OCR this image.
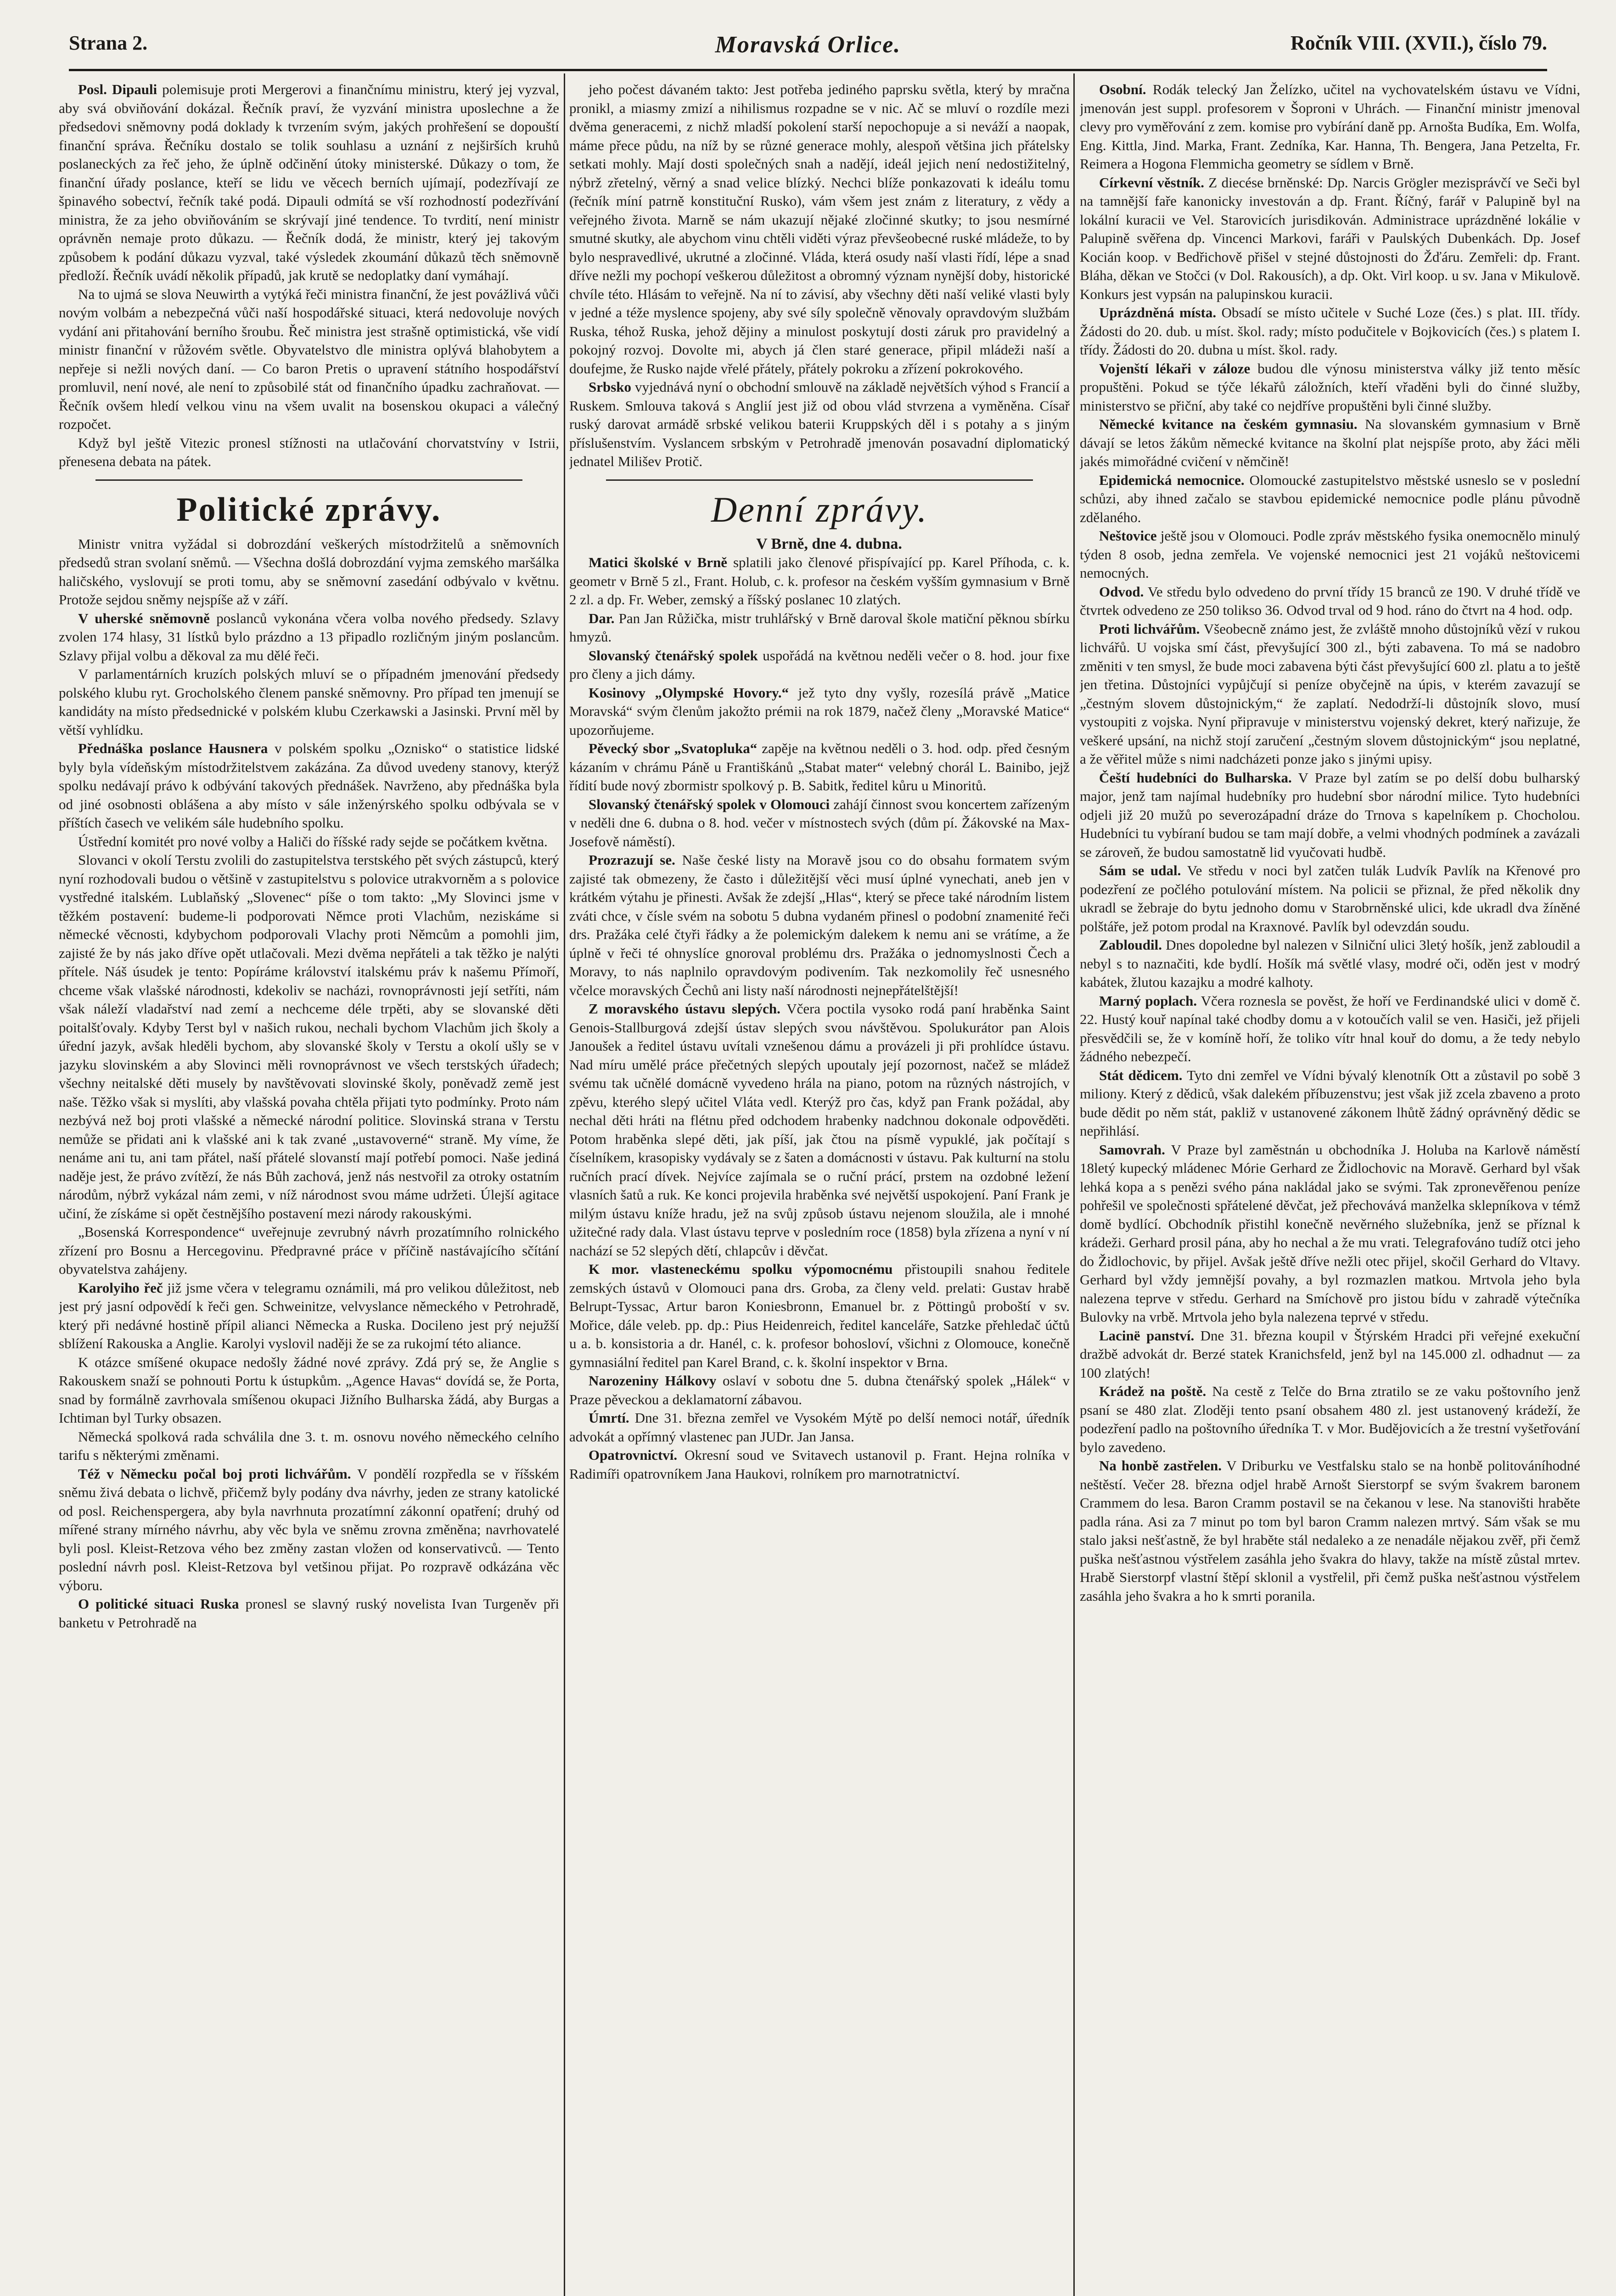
Strana 2.	Moravská Orlice.	Ročník VIII. (XVII.), číslo 79.

Posl. Dipauli polemisuje proti Mergerovi a finančnímu ministru, který jej vyzval, aby svá obviňování dokázal. Řečník praví, že vyzvání ministra uposlechne a že předsedovi sněmovny podá doklady k tvrzením svým, jakých prohřešení se dopouští finanční správa. Řečníku dostalo se tolik souhlasu a uznání z nejširších kruhů poslaneckých za řeč jeho, že úplně odčinění útoky ministerské. Důkazy o tom, že finanční úřady poslance, kteří se lidu ve věcech berních ujímají, podezřívají ze špinavého sobectví, řečník také podá. Dipauli odmítá se vší rozhodností podezřívání ministra, že za jeho obviňováním se skrývají jiné tendence. To tvrdití, není ministr oprávněn nemaje proto důkazu. — Řečník dodá, že ministr, který jej takovým způsobem k podání důkazu vyzval, také výsledek zkoumání důkazů těch sněmovně předloží. Řečník uvádí několik případů, jak krutě se nedoplatky daní vymáhají.

Na to ujmá se slova Neuwirth a vytýká řeči ministra finanční, že jest povážlivá vůči novým volbám a nebezpečná vůči naší hospodářské situaci, která nedovoluje nových vydání ani přitahování berního šroubu. Řeč ministra jest strašně optimistická, vše vidí ministr finanční v růžovém světle. Obyvatelstvo dle ministra oplývá blahobytem a nepřeje si nežli nových daní. — Co baron Pretis o upravení státního hospodářství promluvil, není nové, ale není to způsobilé stát od finančního úpadku zachraňovat. — Řečník ovšem hledí velkou vinu na všem uvalit na bosenskou okupaci a válečný rozpočet.

Když byl ještě Vitezic pronesl stížnosti na utlačování chorvatstvíny v Istrii, přenesena debata na pátek.

Politické zprávy.

Ministr vnitra vyžádal si dobrozdání veškerých místodržitelů a sněmovních předsedů stran svolaní sněmů. — Všechna došlá dobrozdání vyjma zemského maršálka haličského, vyslovují se proti tomu, aby se sněmovní zasedání odbývalo v květnu. Protože sejdou sněmy nejspíše až v září.

V uherské sněmovně poslanců vykonána včera volba nového předsedy. Szlavy zvolen 174 hlasy, 31 lístků bylo prázdno a 13 připadlo rozličným jiným poslancům. Szlavy přijal volbu a děkoval za mu dělé řeči.

V parlamentárních kruzích polských mluví se o případném jmenování předsedy polského klubu ryt. Grocholského členem panské sněmovny. Pro případ ten jmenují se kandidáty na místo předsednické v polském klubu Czerkawski a Jasinski. První měl by větší vyhlídku.

Přednáška poslance Hausnera v polském spolku „Oznisko“ o statistice lidské byly byla vídeňským místodržitelstvem zakázána. Za důvod uvedeny stanovy, kterýž spolku nedávají právo k odbývání takových přednášek. Navrženo, aby přednáška byla od jiné osobnosti oblášena a aby místo v sále inženýrského spolku odbývala se v příštích časech ve velikém sále hudebního spolku.

Ústřední komitét pro nové volby a Haliči do říšské rady sejde se počátkem května.

Slovanci v okolí Terstu zvolili do zastupitelstva terstského pět svých zástupců, který nyní rozhodovali budou o většině v zastupitelstvu s polovice utrakvorněm a s polovice vystředné italském. Lublaňský „Slovenec“ píše o tom takto: „My Slovinci jsme v těžkém postavení: budeme-li podporovati Němce proti Vlachům, neziskáme si německé věcnosti, kdybychom podporovali Vlachy proti Němcům a pomohli jim, zajisté že by nás jako dříve opět utlačovali. Mezi dvěma nepřáteli a tak těžko je nalýti přítele. Náš úsudek je tento: Popíráme království italskému práv k našemu Přímoří, chceme však vlašské národnosti, kdekoliv se nacházi, rovnoprávnosti její setříti, nám však náleží vladařství nad zemí a nechceme déle trpěti, aby se slovanské děti poitalšťovaly. Kdyby Terst byl v našich rukou, nechali bychom Vlachům jich školy a úřední jazyk, avšak hleděli bychom, aby slovanské školy v Terstu a okolí ušly se v jazyku slovinském a aby Slovinci měli rovnoprávnost ve všech terstských úřadech; všechny neitalské děti musely by navštěvovati slovinské školy, poněvadž země jest naše. Těžko však si myslíti, aby vlašská povaha chtěla přijati tyto podmínky. Proto nám nezbývá než boj proti vlašské a německé národní politice. Slovinská strana v Terstu nemůže se přidati ani k vlašské ani k tak zvané „ustavoverné“ straně. My víme, že nenáme ani tu, ani tam přátel, naší přátelé slovanstí mají potřebí pomoci. Naše jediná naděje jest, že právo zvítězí, že nás Bůh zachová, jenž nás nestvořil za otroky ostatním národům, nýbrž vykázal nám zemi, v níž národnost svou máme udržeti. Úlejší agitace učiní, že získáme si opět čestnějšího postavení mezi národy rakouskými.

„Bosenská Korrespondence“ uveřejnuje zevrubný návrh prozatímního rolnického zřízení pro Bosnu a Hercegovinu. Předpravné práce v příčině nastávajícího sčítání obyvatelstva zahájeny.

Karolyiho řeč již jsme včera v telegramu oznámili, má pro velikou důležitost, neb jest prý jasní odpovědí k řeči gen. Schweinitze, velvyslance německého v Petrohradě, který při nedávné hostině přípil alianci Německa a Ruska. Docileno jest prý nejužší sblížení Rakouska a Anglie. Karolyi vyslovil naději že se za rukojmí této aliance.

K otázce smíšené okupace nedošly žádné nové zprávy. Zdá prý se, že Anglie s Rakouskem snaží se pohnouti Portu k ústupkům. „Agence Havas“ dovídá se, že Porta, snad by formálně zavrhovala smíšenou okupaci Jižního Bulharska žádá, aby Burgas a Ichtiman byl Turky obsazen.

Německá spolková rada schválila dne 3. t. m. osnovu nového německého celního tarifu s některými změnami.

Též v Německu počal boj proti lichvářům. V pondělí rozpředla se v říšském sněmu živá debata o lichvě, přičemž byly podány dva návrhy, jeden ze strany katolické od posl. Reichenspergera, aby byla navrhnuta prozatímní zákonní opatření; druhý od mířené strany mírného návrhu, aby věc byla ve sněmu zrovna změněna; navrhovatelé byli posl. Kleist-Retzova vého bez změny zastan vložen od konservativců. — Tento poslední návrh posl. Kleist-Retzova byl vetšinou přijat. Po rozpravě odkázána věc výboru.

O politické situaci Ruska pronesl se slavný ruský novelista Ivan Turgeněv při banketu v Petrohradě na

jeho počest dávaném takto: Jest potřeba jediného paprsku světla, který by mračna pronikl, a miasmy zmizí a nihilismus rozpadne se v nic. Ač se mluví o rozdíle mezi dvěma generacemi, z nichž mladší pokolení starší nepochopuje a si neváží a naopak, máme přece půdu, na níž by se různé generace mohly, alespoň většina jich přátelsky setkati mohly. Mají dosti společných snah a nadějí, ideál jejich není nedostižitelný, nýbrž zřetelný, věrný a snad velice blízký. Nechci blíže ponkazovati k ideálu tomu (řečník míní patrně konstituční Rusko), vám všem jest znám z literatury, z vědy a veřejného života. Marně se nám ukazují nějaké zločinné skutky; to jsou nesmírné smutné skutky, ale abychom vinu chtěli viděti výraz převšeobecné ruské mládeže, to by bylo nespravedlivé, ukrutné a zločinné. Vláda, která osudy naší vlasti řídí, lépe a snad dříve nežli my pochopí veškerou důležitost a obromný význam nynější doby, historické chvíle této. Hlásám to veřejně. Na ní to závisí, aby všechny děti naší veliké vlasti byly v jedné a téže myslence spojeny, aby své síly společně věnovaly opravdovým službám Ruska, téhož Ruska, jehož dějiny a minulost poskytují dosti záruk pro pravidelný a pokojný rozvoj. Dovolte mi, abych já člen staré generace, připil mládeži naší a doufejme, že Rusko najde vřelé přátely, přátely pokroku a zřízení pokrokového.

Srbsko vyjednává nyní o obchodní smlouvě na základě největších výhod s Francií a Ruskem. Smlouva taková s Anglií jest již od obou vlád stvrzena a vyměněna. Císař ruský darovat armádě srbské velikou baterii Kruppských děl i s potahy a s jiným příslušenstvím. Vyslancem srbským v Petrohradě jmenován posavadní diplomatický jednatel Milišev Protič.

Denní zprávy.

V Brně, dne 4. dubna.

Matici školské v Brně splatili jako členové přispívající pp. Karel Příhoda, c. k. geometr v Brně 5 zl., Frant. Holub, c. k. profesor na českém vyšším gymnasium v Brně 2 zl. a dp. Fr. Weber, zemský a říšský poslanec 10 zlatých.

Dar. Pan Jan Růžička, mistr truhlářský v Brně daroval škole matiční pěknou sbírku hmyzů.

Slovanský čtenářský spolek uspořádá na květnou neděli večer o 8. hod. jour fixe pro členy a jich dámy.

Kosinovy „Olympské Hovory.“ jež tyto dny vyšly, rozesílá právě „Matice Moravská“ svým členům jakožto prémii na rok 1879, načež členy „Moravské Matice“ upozorňujeme.

Pěvecký sbor „Svatopluka“ zapěje na květnou neděli o 3. hod. odp. před česným kázaním v chrámu Páně u Františkánů „Stabat mater“ velebný chorál L. Bainibo, jejž řídití bude nový zbormistr spolkový p. B. Sabitk, ředitel kůru u Minoritů.

Slovanský čtenářský spolek v Olomouci zahájí činnost svou koncertem zařízeným v neděli dne 6. dubna o 8. hod. večer v místnostech svých (dům pí. Žákovské na Max-Josefově náměstí).

Prozrazují se. Naše české listy na Moravě jsou co do obsahu formatem svým zajisté tak obmezeny, že často i důležitější věci musí úplné vynechati, aneb jen v krátkém výtahu je přinesti. Avšak že zdejší „Hlas“, který se přece také národním listem zváti chce, v čísle svém na sobotu 5 dubna vydaném přinesl o podobní znamenité řeči drs. Pražáka celé čtyři řádky a že polemickým dalekem k nemu ani se vrátíme, a že úplně v řeči té ohnyslíce gnoroval problému drs. Pražáka o jednomyslnosti Čech a Moravy, to nás naplnilo opravdovým podivením. Tak nezkomolily řeč usnesného včelce moravských Čechů ani listy naší národnosti nejnepřátelštější!

Z moravského ústavu slepých. Včera poctila vysoko rodá paní hraběnka Saint Genois-Stallburgová zdejší ústav slepých svou návštěvou. Spolukurátor pan Alois Janoušek a ředitel ústavu uvítali vznešenou dámu a provázeli ji při prohlídce ústavu. Nad míru umělé práce přečetných slepých upoutaly její pozornost, načež se mládež svému tak učnělé domácně vyvedeno hrála na piano, potom na různých nástrojích, v zpěvu, kterého slepý učitel Vláta vedl. Kterýž pro čas, když pan Frank požádal, aby nechal děti hráti na flétnu před odchodem hrabenky nadchnou dokonale odpověděti. Potom hraběnka slepé děti, jak píší, jak čtou na písmě vypuklé, jak počítají s číselníkem, krasopisky vydávaly se z šaten a domácnosti v ústavu. Pak kulturní na stolu ručních prací dívek. Nejvíce zajímala se o ruční prácí, prstem na ozdobné ležení vlasních šatů a ruk. Ke konci projevila hraběnka své největší uspokojení. Paní Frank je milým ústavu kníže hradu, jež na svůj způsob ústavu nejenom sloužila, ale i mnohé užitečné rady dala. Vlast ústavu teprve v posledním roce (1858) byla zřízena a nyní v ní nachází se 52 slepých dětí, chlapcův i děvčat.

K mor. vlasteneckému spolku výpomocnému přistoupili snahou ředitele zemských ústavů v Olomouci pana drs. Groba, za členy veld. prelati: Gustav hrabě Belrupt-Tyssac, Artur baron Koniesbronn, Emanuel br. z Pöttingů proboští v sv. Mořice, dále veleb. pp. dp.: Pius Heidenreich, ředitel kanceláře, Satzke přehledač účtů u a. b. konsistoria a dr. Hanél, c. k. profesor bohosloví, všichni z Olomouce, konečně gymnasiální ředitel pan Karel Brand, c. k. školní inspektor v Brna.

Narozeniny Hálkovy oslaví v sobotu dne 5. dubna čtenářský spolek „Hálek“ v Praze pěveckou a deklamatorní zábavou.

Úmrtí. Dne 31. března zemřel ve Vysokém Mýtě po delší nemoci notář, úředník advokát a opřímný vlastenec pan JUDr. Jan Jansa.

Opatrovnictví. Okresní soud ve Svitavech ustanovil p. Frant. Hejna rolníka v Radimíři opatrovníkem Jana Haukovi, rolníkem pro marnotratnictví.

Osobní. Rodák telecký Jan Želízko, učitel na vychovatelském ústavu ve Vídni, jmenován jest suppl. profesorem v Šoproni v Uhrách. — Finanční ministr jmenoval clevy pro vyměřování z zem. komise pro vybírání daně pp. Arnošta Budíka, Em. Wolfa, Eng. Kittla, Jind. Marka, Frant. Zedníka, Kar. Hanna, Th. Bengera, Jana Petzelta, Fr. Reimera a Hogona Flemmicha geometry se sídlem v Brně.

Církevní věstník. Z diecése brněnské: Dp. Narcis Grögler mezisprávčí ve Seči byl na tamnější faře kanonicky investován a dp. Frant. Říčný, farář v Palupině byl na lokální kuracii ve Vel. Starovicích jurisdikován. Administrace uprázdněné lokálie v Palupině svěřena dp. Vincenci Markovi, faráři v Paulských Dubenkách. Dp. Josef Kocián koop. v Bedřichově přišel v stejné důstojnosti do Žďáru. Zemřeli: dp. Frant. Bláha, děkan ve Stočci (v Dol. Rakousích), a dp. Okt. Virl koop. u sv. Jana v Mikulově. Konkurs jest vypsán na palupinskou kuracii.

Uprázdněná místa. Obsadí se místo učitele v Suché Loze (čes.) s plat. III. třídy. Žádosti do 20. dub. u míst. škol. rady; místo podučitele v Bojkovicích (čes.) s platem I. třídy. Žádosti do 20. dubna u míst. škol. rady.

Vojenští lékaři v záloze budou dle výnosu ministerstva války již tento měsíc propuštěni. Pokud se týče lékařů záložních, kteří vřaděni byli do činné služby, ministerstvo se přiční, aby také co nejdříve propuštěni byli činné služby.

Německé kvitance na českém gymnasiu. Na slovanském gymnasium v Brně dávají se letos žákům německé kvitance na školní plat nejspíše proto, aby žáci měli jakés mimořádné cvičení v němčině!

Epidemická nemocnice. Olomoucké zastupitelstvo městské usneslo se v poslední schůzi, aby ihned začalo se stavbou epidemické nemocnice podle plánu původně zdělaného.

Neštovice ještě jsou v Olomouci. Podle zpráv městského fysika onemocnělo minulý týden 8 osob, jedna zemřela. Ve vojenské nemocnici jest 21 vojáků neštovicemi nemocných.

Odvod. Ve středu bylo odvedeno do první třídy 15 branců ze 190. V druhé třídě ve čtvrtek odvedeno ze 250 tolikso 36. Odvod trval od 9 hod. ráno do čtvrt na 4 hod. odp.

Proti lichvářům. Všeobecně známo jest, že zvláště mnoho důstojníků vězí v rukou lichvářů. U vojska smí část, převyšující 300 zl., býti zabavena. To má se nadobro změniti v ten smysl, že bude moci zabavena býti část převyšující 600 zl. platu a to ještě jen třetina. Důstojníci vypůjčují si peníze obyčejně na úpis, v kterém zavazují se „čestným slovem důstojnickým,“ že zaplatí. Nedodrží-li důstojník slovo, musí vystoupiti z vojska. Nyní připravuje v ministerstvu vojenský dekret, který nařizuje, že veškeré upsání, na nichž stojí zaručení „čestným slovem důstojnickým“ jsou neplatné, a že věřitel může s nimi nadcházeti ponze jako s jinými upisy.

Čeští hudebníci do Bulharska. V Praze byl zatím se po delší dobu bulharský major, jenž tam najímal hudebníky pro hudební sbor národní milice. Tyto hudebníci odjeli již 20 mužů po severozápadní dráze do Trnova s kapelníkem p. Chocholou. Hudebníci tu vybíraní budou se tam mají dobře, a velmi vhodných podmínek a zavázali se zároveň, že budou samostatně lid vyučovati hudbě.

Sám se udal. Ve středu v noci byl zatčen tulák Ludvík Pavlík na Křenové pro podezření ze počlého potulování místem. Na policii se přiznal, že před několik dny ukradl se žebraje do bytu jednoho domu v Starobrněnské ulici, kde ukradl dva žíněné polštáře, jež potom prodal na Kraxnové. Pavlík byl odevzdán soudu.

Zabloudil. Dnes dopoledne byl nalezen v Silniční ulici 3letý hošík, jenž zabloudil a nebyl s to naznačiti, kde bydlí. Hošík má světlé vlasy, modré oči, oděn jest v modrý kabátek, žlutou kazajku a modré kalhoty.

Marný poplach. Včera roznesla se pověst, že hoří ve Ferdinandské ulici v domě č. 22. Hustý kouř napínal také chodby domu a v kotoučích valil se ven. Hasiči, jež přijeli přesvědčili se, že v komíně hoří, že toliko vítr hnal kouř do domu, a že tedy nebylo žádného nebezpečí.

Stát dědicem. Tyto dni zemřel ve Vídni bývalý klenotník Ott a zůstavil po sobě 3 miliony. Který z dědiců, však dalekém příbuzenstvu; jest však již zcela zbaveno a proto bude dědit po něm stát, pakliž v ustanovené zákonem lhůtě žádný oprávněný dědic se nepřihlásí.

Samovrah. V Praze byl zaměstnán u obchodníka J. Holuba na Karlově náměstí 18letý kupecký mládenec Mórie Gerhard ze Židlochovic na Moravě. Gerhard byl však lehká kopa a s penězi svého pána nakládal jako se svými. Tak zpronevěřenou peníze pohřešil ve společnosti spřátelené děvčat, jež přechovává manželka sklepníkova v témž domě bydlící. Obchodník přistihl konečně nevěrného služebníka, jenž se příznal k krádeži. Gerhard prosil pána, aby ho nechal a že mu vrati. Telegrafováno tudíž otci jeho do Židlochovic, by přijel. Avšak ještě dříve nežli otec přijel, skočil Gerhard do Vltavy. Gerhard byl vždy jemnější povahy, a byl rozmazlen matkou. Mrtvola jeho byla nalezena teprve v středu. Gerhard na Smíchově pro jistou bídu v zahradě výtečníka Bulovky na vrbě. Mrtvola jeho byla nalezena teprvé v středu.

Lacinё panství. Dne 31. března koupil v Štýrském Hradci při veřejné exekuční dražbě advokát dr. Berzé statek Kranichsfeld, jenž byl na 145.000 zl. odhadnut — za 100 zlatých!

Krádež na poště. Na cestě z Telče do Brna ztratilo se ze vaku poštovního jenž psaní se 480 zlat. Zloději tento psaní obsahem 480 zl. jest ustanovený krádeží, že podezření padlo na poštovního úředníka T. v Mor. Budějovicích a že trestní vyšetřování bylo zavedeno.

Na honbě zastřelen. V Driburku ve Vestfalsku stalo se na honbě politováníhodné neštěstí. Večer 28. března odjel hrabě Arnošt Sierstorpf se svým švakrem baronem Crammem do lesa. Baron Cramm postavil se na čekanou v lese. Na stanovišti hraběte padla rána. Asi za 7 minut po tom byl baron Cramm nalezen mrtvý. Sám však se mu stalo jaksi nešťastně, že byl hraběte stál nedaleko a ze nenadále nějakou zvěř, při čemž puška nešťastnou výstřelem zasáhla jeho švakra do hlavy, takže na místě zůstal mrtev. Hrabě Sierstorpf vlastní štěpí sklonil a vystřelil, při čemž puška nešťastnou výstřelem zasáhla jeho švakra a ho k smrti poranila.
